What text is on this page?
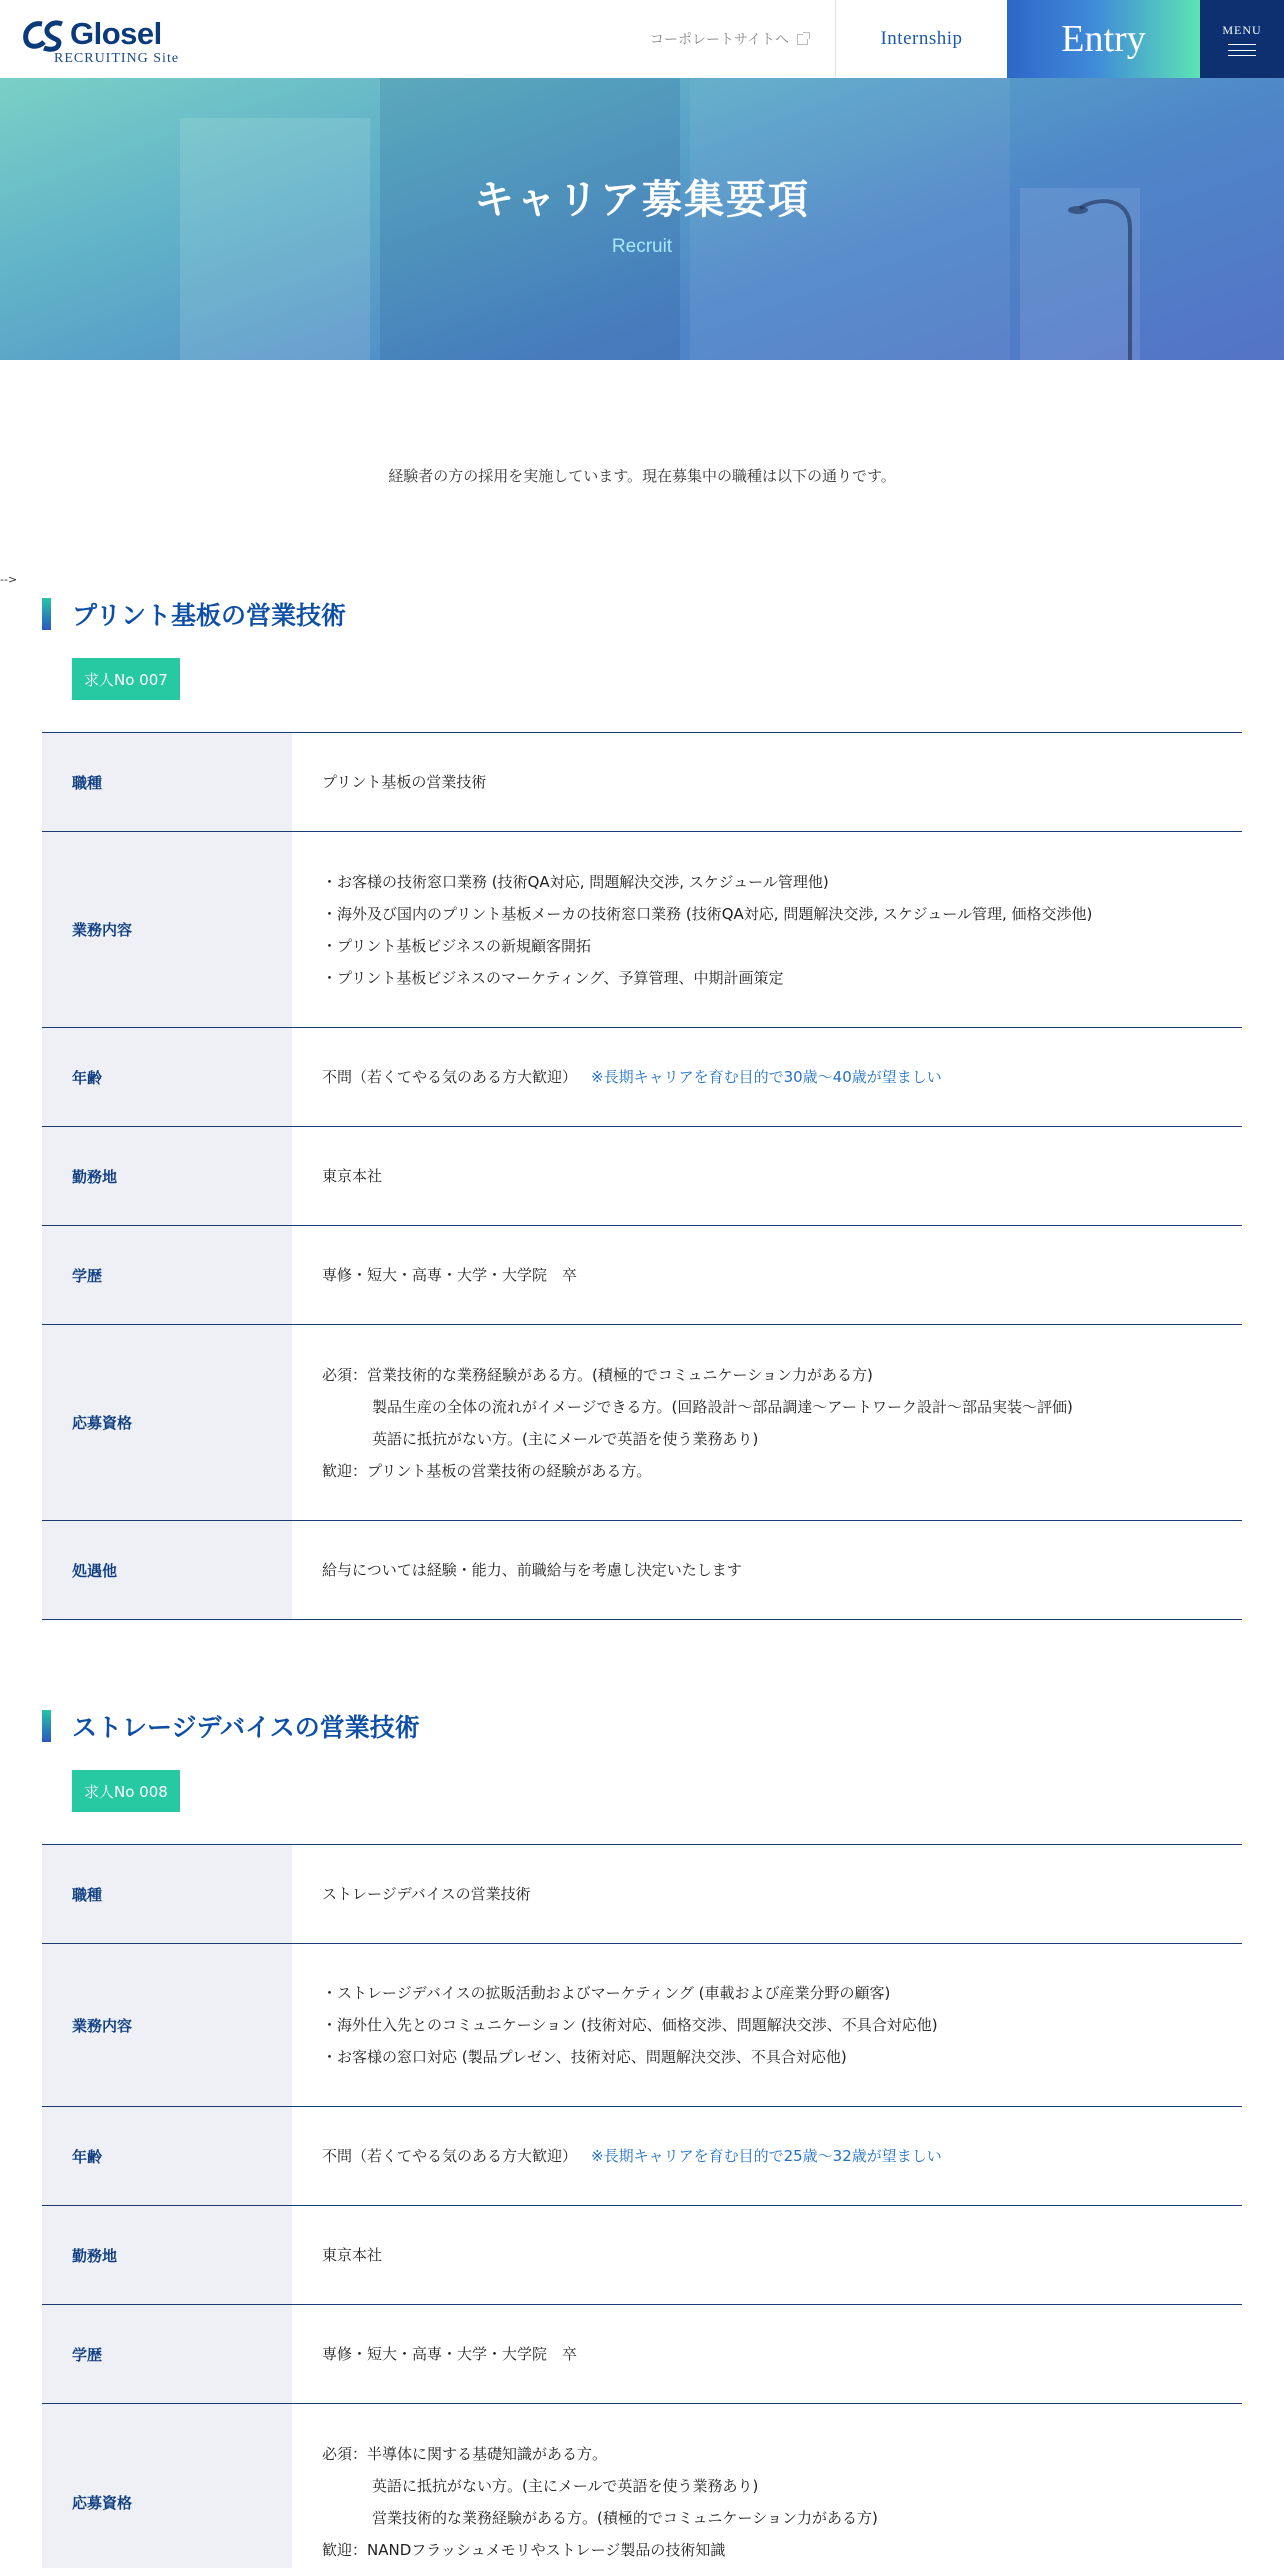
Glosel
RECRUITING Site
コーポレートサイトへ	Internship	Entry	MENU
キャリア募集要項
Recruit

経験者の方の採用を実施しています。現在募集中の職種は以下の通りです。

-->
プリント基板の営業技術
求人No 007
職種	プリント基板の営業技術
業務内容
・お客様の技術窓口業務 (技術QA対応, 問題解決交渉, スケジュール管理他)
・海外及び国内のプリント基板メーカの技術窓口業務 (技術QA対応, 問題解決交渉, スケジュール管理, 価格交渉他)
・プリント基板ビジネスの新規顧客開拓
・プリント基板ビジネスのマーケティング、予算管理、中期計画策定
年齢	不問（若くてやる気のある方大歓迎） ※長期キャリアを育む目的で30歳〜40歳が望ましい
勤務地	東京本社
学歴	専修・短大・高専・大学・大学院　卒
応募資格
必須：営業技術的な業務経験がある方。(積極的でコミュニケーション力がある方)
製品生産の全体の流れがイメージできる方。(回路設計〜部品調達〜アートワーク設計〜部品実装〜評価)
英語に抵抗がない方。(主にメールで英語を使う業務あり)
歓迎：プリント基板の営業技術の経験がある方。
処遇他	給与については経験・能力、前職給与を考慮し決定いたします
ストレージデバイスの営業技術
求人No 008
職種	ストレージデバイスの営業技術
業務内容
・ストレージデバイスの拡販活動およびマーケティング (車載および産業分野の顧客)
・海外仕入先とのコミュニケーション (技術対応、価格交渉、問題解決交渉、不具合対応他)
・お客様の窓口対応 (製品プレゼン、技術対応、問題解決交渉、不具合対応他)
年齢	不問（若くてやる気のある方大歓迎） ※長期キャリアを育む目的で25歳〜32歳が望ましい
勤務地	東京本社
学歴	専修・短大・高専・大学・大学院　卒
応募資格
必須：半導体に関する基礎知識がある方。
英語に抵抗がない方。(主にメールで英語を使う業務あり)
営業技術的な業務経験がある方。(積極的でコミュニケーション力がある方)
歓迎：NANDフラッシュメモリやストレージ製品の技術知識
